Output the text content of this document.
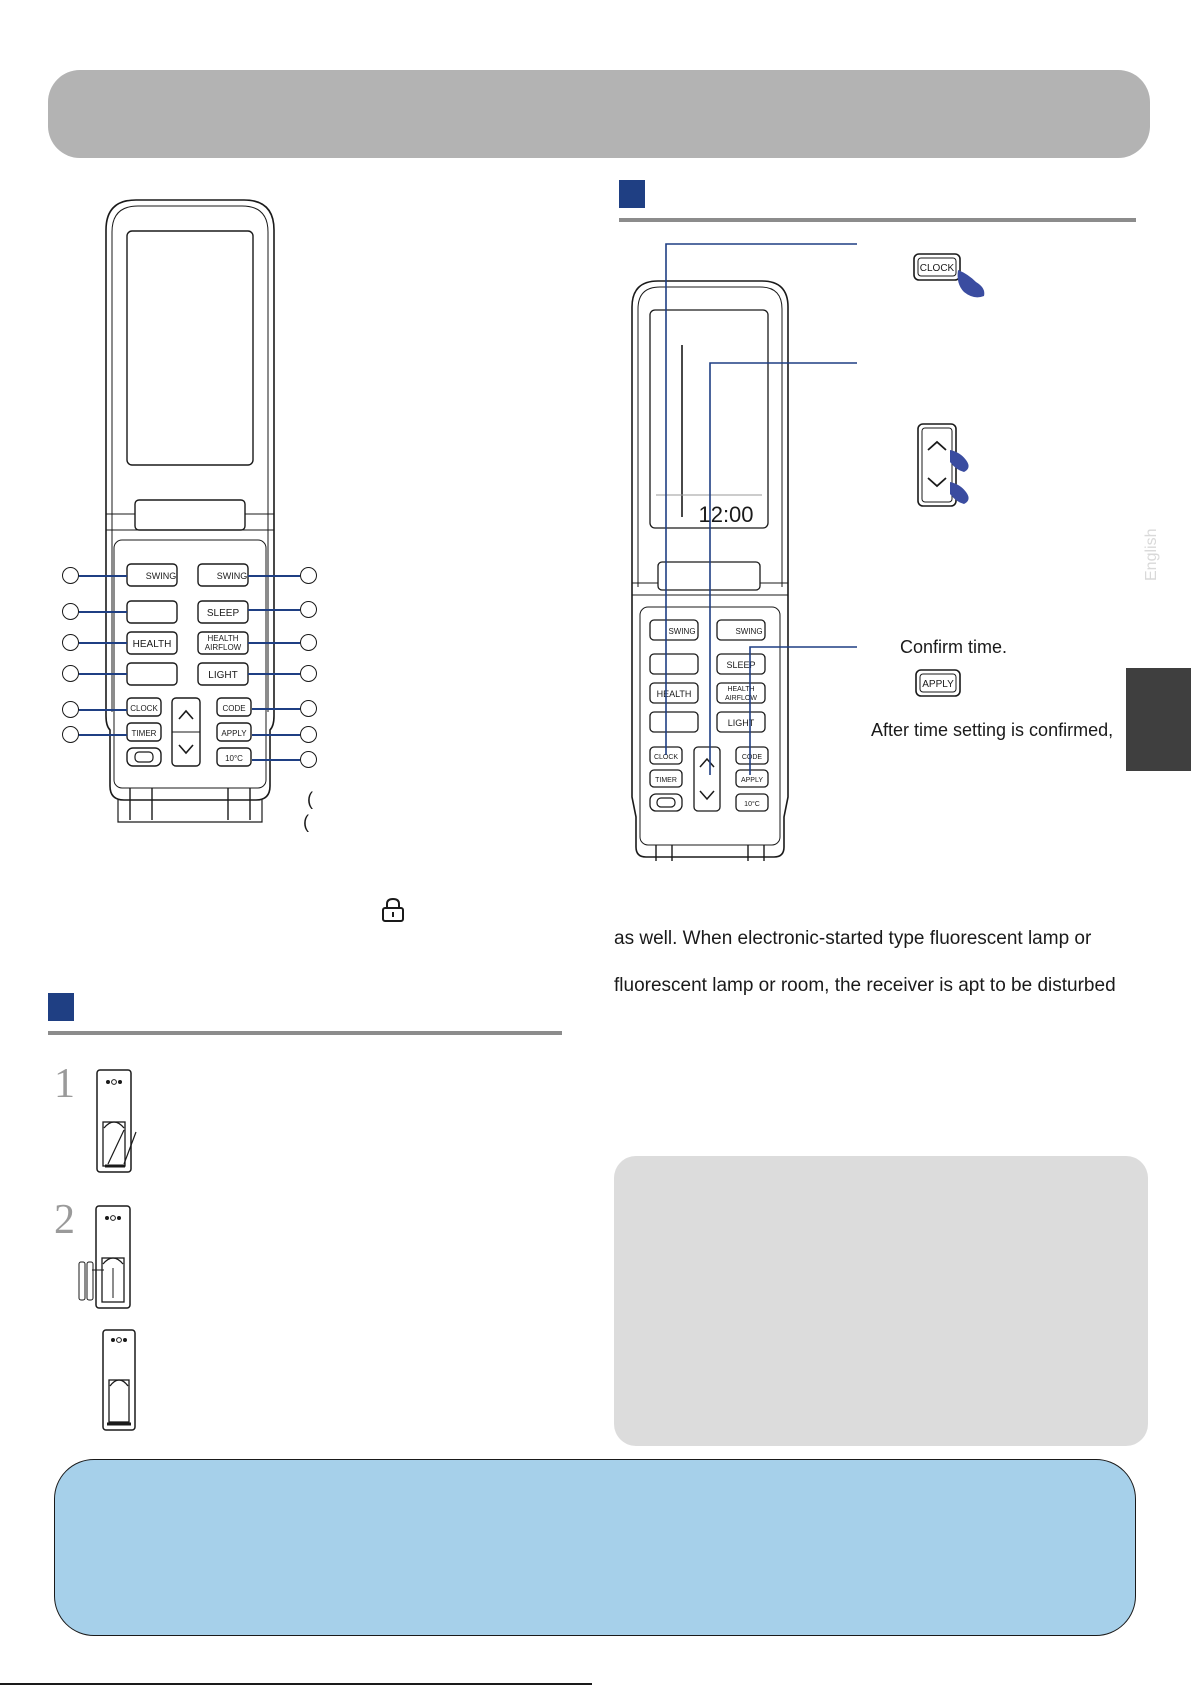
English
SWING	SWING
SLEEP
HEALTH
HEALTH
AIRFLOW
LIGHT
CLOCK	CODE
TIMER	APPLY
10°C
(
(
12:00
SWING	SWING
SLEEP
HEALTH	HEALTH
AIRFLOW
LIGHT
CLOCK	CODE
TIMER	APPLY
10°C
CLOCK
Confirm time.
APPLY
After time setting is confirmed,
as well. When electronic-started type fluorescent lamp or
fluorescent lamp or room, the receiver is apt to be disturbed
1
2
